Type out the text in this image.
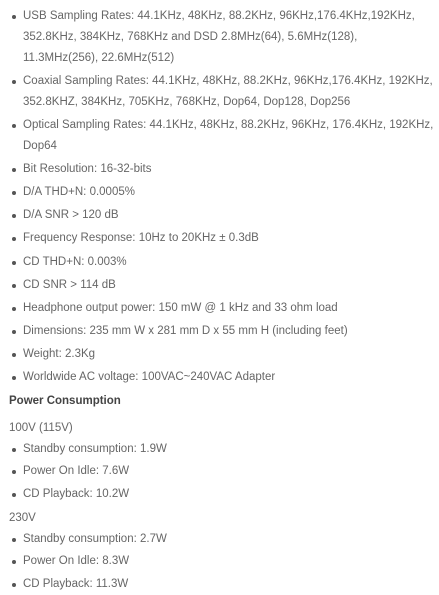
USB Sampling Rates: 44.1KHz, 48KHz, 88.2KHz, 96KHz,176.4KHz,192KHz, 352.8KHz, 384KHz, 768KHz and DSD 2.8MHz(64), 5.6MHz(128), 11.3MHz(256), 22.6MHz(512)
Coaxial Sampling Rates: 44.1KHz, 48KHz, 88.2KHz, 96KHz,176.4KHz, 192KHz, 352.8KHZ, 384KHz, 705KHz, 768KHz, Dop64, Dop128, Dop256
Optical Sampling Rates: 44.1KHz, 48KHz, 88.2KHz, 96KHz, 176.4KHz, 192KHz, Dop64
Bit Resolution: 16-32-bits
D/A THD+N: 0.0005%
D/A SNR > 120 dB
Frequency Response: 10Hz to 20KHz ± 0.3dB
CD THD+N: 0.003%
CD SNR > 114 dB
Headphone output power: 150 mW @ 1 kHz and 33 ohm load
Dimensions: 235 mm W x 281 mm D x 55 mm H (including feet)
Weight: 2.3Kg
Worldwide AC voltage: 100VAC~240VAC Adapter
Power Consumption
100V (115V)
Standby consumption: 1.9W
Power On Idle: 7.6W
CD Playback: 10.2W
230V
Standby consumption: 2.7W
Power On Idle: 8.3W
CD Playback: 11.3W
